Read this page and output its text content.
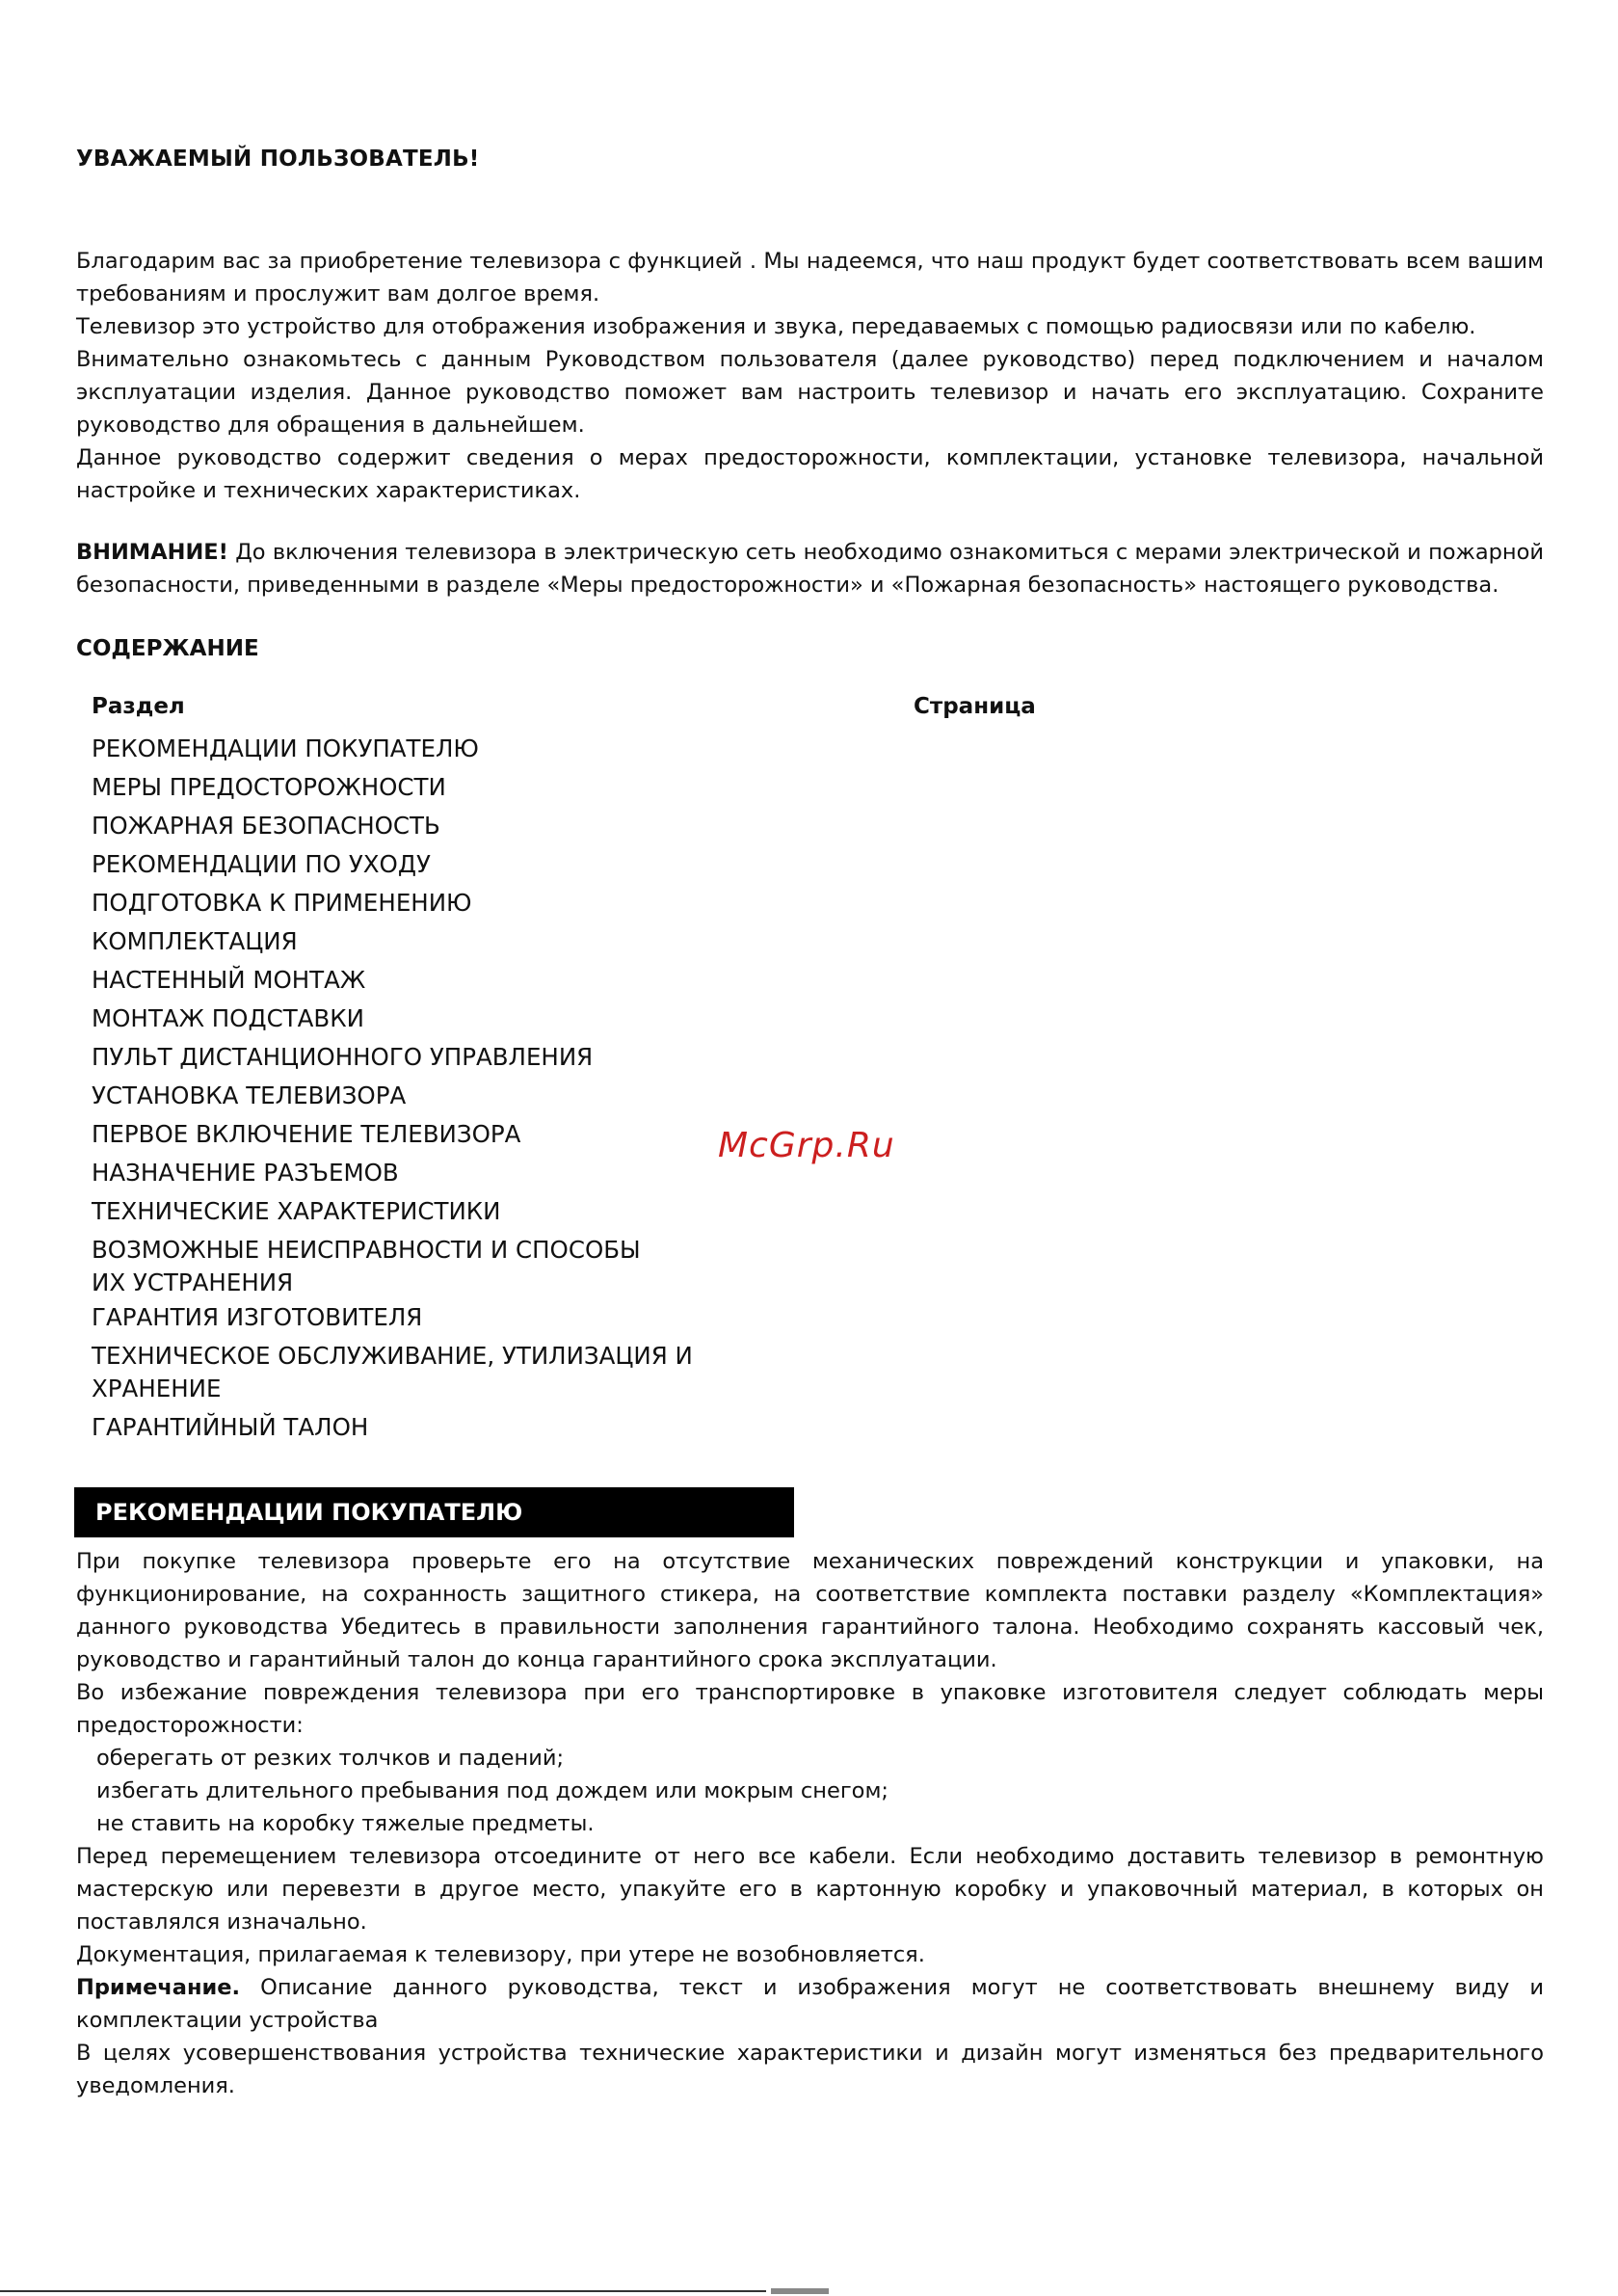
УВАЖАЕМЫЙ ПОЛЬЗОВАТЕЛЬ!

Благодарим вас за приобретение телевизора с функцией . Мы надеемся, что наш продукт будет соответствовать всем вашим требованиям и прослужит вам долгое время.

Телевизор это устройство для отображения изображения и звука, передаваемых с помощью радиосвязи или по кабелю.

Внимательно ознакомьтесь с данным Руководством пользователя (далее руководство) перед подключением и началом эксплуатации изделия. Данное руководство поможет вам настроить телевизор и начать его эксплуатацию. Сохраните руководство для обращения в дальнейшем.

Данное руководство содержит сведения о мерах предосторожности, комплектации, установке телевизора, начальной настройке и технических характеристиках.

ВНИМАНИЕ! До включения телевизора в электрическую сеть необходимо ознакомиться с мерами электрической и пожарной безопасности, приведенными в разделе «Меры предосторожности» и «Пожарная безопасность» настоящего руководства.

СОДЕРЖАНИЕ
Раздел	Страница
РЕКОМЕНДАЦИИ ПОКУПАТЕЛЮ
МЕРЫ ПРЕДОСТОРОЖНОСТИ
ПОЖАРНАЯ БЕЗОПАСНОСТЬ
РЕКОМЕНДАЦИИ ПО УХОДУ
ПОДГОТОВКА К ПРИМЕНЕНИЮ
КОМПЛЕКТАЦИЯ
НАСТЕННЫЙ МОНТАЖ
МОНТАЖ ПОДСТАВКИ
ПУЛЬТ ДИСТАНЦИОННОГО УПРАВЛЕНИЯ
УСТАНОВКА ТЕЛЕВИЗОРА
ПЕРВОЕ ВКЛЮЧЕНИЕ ТЕЛЕВИЗОРА
НАЗНАЧЕНИЕ РАЗЪЕМОВ
ТЕХНИЧЕСКИЕ ХАРАКТЕРИСТИКИ
ВОЗМОЖНЫЕ НЕИСПРАВНОСТИ И СПОСОБЫ
ИХ УСТРАНЕНИЯ
ГАРАНТИЯ ИЗГОТОВИТЕЛЯ
ТЕХНИЧЕСКОЕ ОБСЛУЖИВАНИЕ, УТИЛИЗАЦИЯ И ХРАНЕНИЕ
ГАРАНТИЙНЫЙ ТАЛОН
McGrp.Ru
РЕКОМЕНДАЦИИ ПОКУПАТЕЛЮ

При покупке телевизора проверьте его на отсутствие механических повреждений конструкции и упаковки, на функционирование, на сохранность защитного стикера, на соответствие комплекта поставки разделу «Комплектация» данного руководства Убедитесь в правильности заполнения гарантийного талона. Необходимо сохранять кассовый чек, руководство и гарантийный талон до конца гарантийного срока эксплуатации.

Во избежание повреждения телевизора при его транспортировке в упаковке изготовителя следует соблюдать меры предосторожности:

оберегать от резких толчков и падений;

избегать длительного пребывания под дождем или мокрым снегом;

не ставить на коробку тяжелые предметы.

Перед перемещением телевизора отсоедините от него все кабели. Если необходимо доставить телевизор в ремонтную мастерскую или перевезти в другое место, упакуйте его в картонную коробку и упаковочный материал, в которых он поставлялся изначально.

Документация, прилагаемая к телевизору, при утере не возобновляется.

Примечание. Описание данного руководства, текст и изображения могут не соответствовать внешнему виду и комплектации устройства

В целях усовершенствования устройства технические характеристики и дизайн могут изменяться без предварительного уведомления.
